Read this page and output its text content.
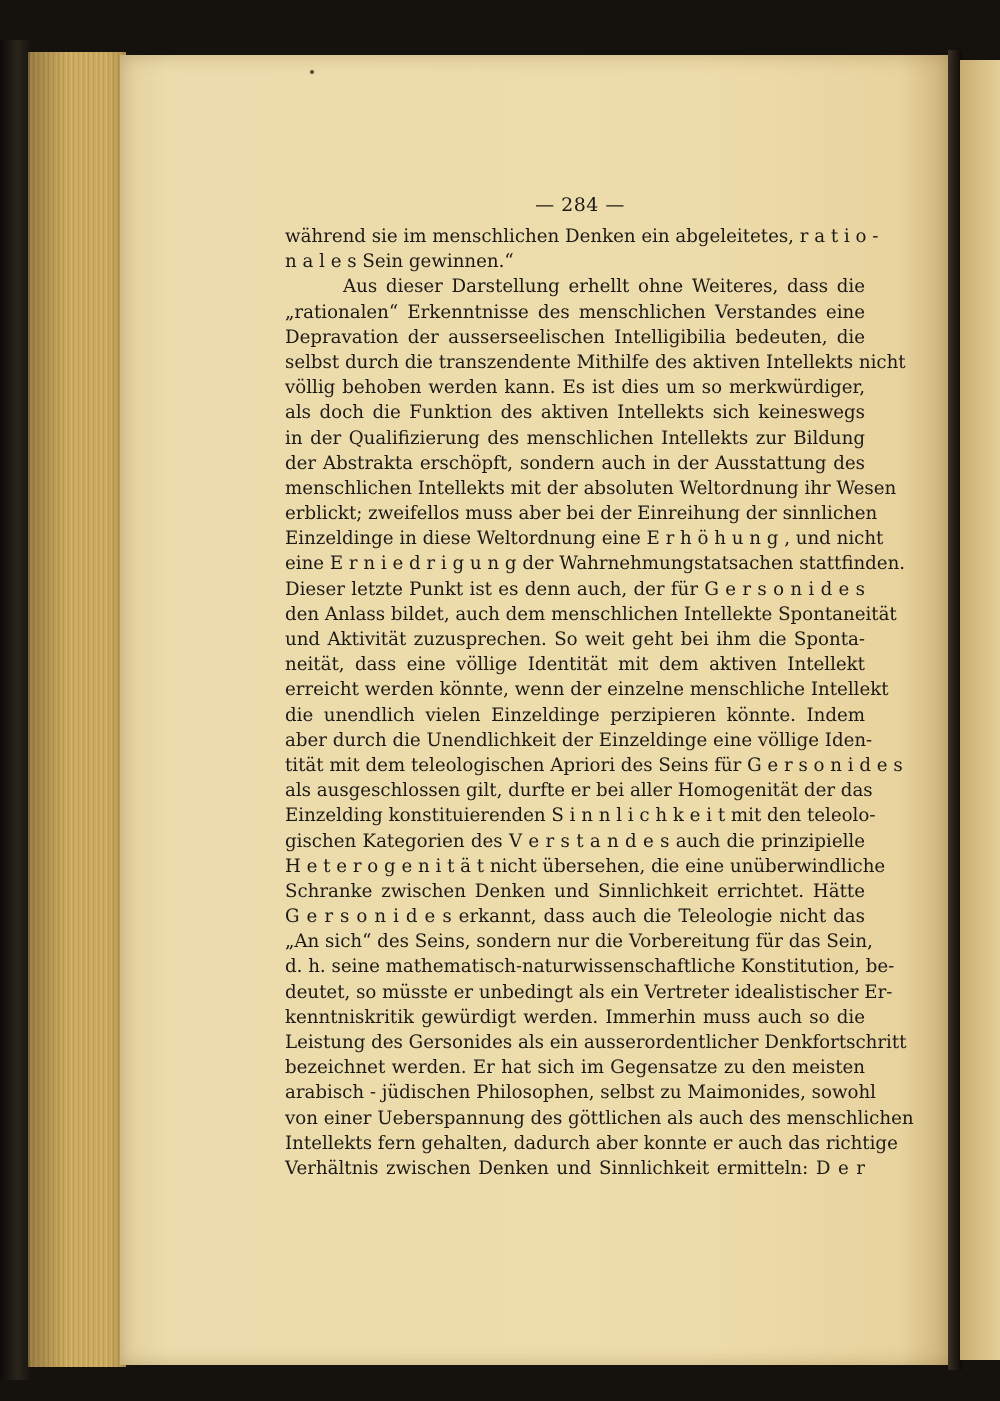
— 284 —
während sie im menschlichen Denken ein abgeleitetes, r a t i o -
n a l e s Sein gewinnen.“
Aus dieser Darstellung erhellt ohne Weiteres, dass die
„rationalen“ Erkenntnisse des menschlichen Verstandes eine
Depravation der ausserseelischen Intelligibilia bedeuten, die
selbst durch die transzendente Mithilfe des aktiven Intellekts nicht
völlig behoben werden kann. Es ist dies um so merkwürdiger,
als doch die Funktion des aktiven Intellekts sich keineswegs
in der Qualifizierung des menschlichen Intellekts zur Bildung
der Abstrakta erschöpft, sondern auch in der Ausstattung des
menschlichen Intellekts mit der absoluten Weltordnung ihr Wesen
erblickt; zweifellos muss aber bei der Einreihung der sinnlichen
Einzeldinge in diese Weltordnung eine E r h ö h u n g , und nicht
eine E r n i e d r i g u n g der Wahrnehmungstatsachen stattfinden.
Dieser letzte Punkt ist es denn auch, der für G e r s o n i d e s
den Anlass bildet, auch dem menschlichen Intellekte Spontaneität
und Aktivität zuzusprechen. So weit geht bei ihm die Sponta-
neität, dass eine völlige Identität mit dem aktiven Intellekt
erreicht werden könnte, wenn der einzelne menschliche Intellekt
die unendlich vielen Einzeldinge perzipieren könnte. Indem
aber durch die Unendlichkeit der Einzeldinge eine völlige Iden-
tität mit dem teleologischen Apriori des Seins für G e r s o n i d e s
als ausgeschlossen gilt, durfte er bei aller Homogenität der das
Einzelding konstituierenden S i n n l i c h k e i t mit den teleolo-
gischen Kategorien des V e r s t a n d e s auch die prinzipielle
H e t e r o g e n i t ä t nicht übersehen, die eine unüberwindliche
Schranke zwischen Denken und Sinnlichkeit errichtet. Hätte
G e r s o n i d e s erkannt, dass auch die Teleologie nicht das
„An sich“ des Seins, sondern nur die Vorbereitung für das Sein,
d. h. seine mathematisch-naturwissenschaftliche Konstitution, be-
deutet, so müsste er unbedingt als ein Vertreter idealistischer Er-
kenntniskritik gewürdigt werden. Immerhin muss auch so die
Leistung des Gersonides als ein ausserordentlicher Denkfortschritt
bezeichnet werden. Er hat sich im Gegensatze zu den meisten
arabisch - jüdischen Philosophen, selbst zu Maimonides, sowohl
von einer Ueberspannung des göttlichen als auch des menschlichen
Intellekts fern gehalten, dadurch aber konnte er auch das richtige
Verhältnis zwischen Denken und Sinnlichkeit ermitteln: D e r
